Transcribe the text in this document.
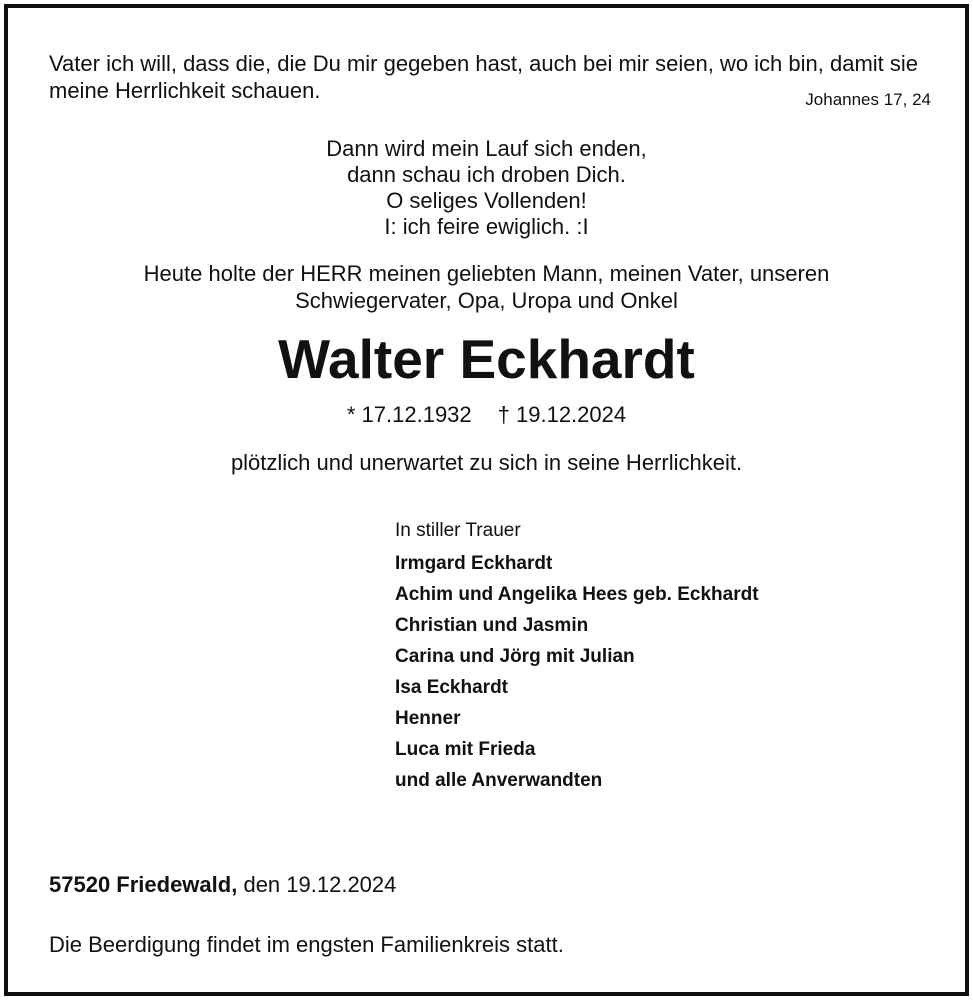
Vater ich will, dass die, die Du mir gegeben hast, auch bei mir seien, wo ich bin, damit sie meine Herrlichkeit schauen.	Johannes 17, 24

Dann wird mein Lauf sich enden,
dann schau ich droben Dich.
O seliges Vollenden!
I: ich feire ewiglich. :I
Heute holte der HERR meinen geliebten Mann, meinen Vater, unseren
Schwiegervater, Opa, Uropa und Onkel
Walter Eckhardt
* 17.12.1932 † 19.12.2024
plötzlich und unerwartet zu sich in seine Herrlichkeit.
In stiller Trauer
Irmgard Eckhardt
Achim und Angelika Hees geb. Eckhardt
Christian und Jasmin
Carina und Jörg mit Julian
Isa Eckhardt
Henner
Luca mit Frieda
und alle Anverwandten
57520 Friedewald, den 19.12.2024
Die Beerdigung findet im engsten Familienkreis statt.
